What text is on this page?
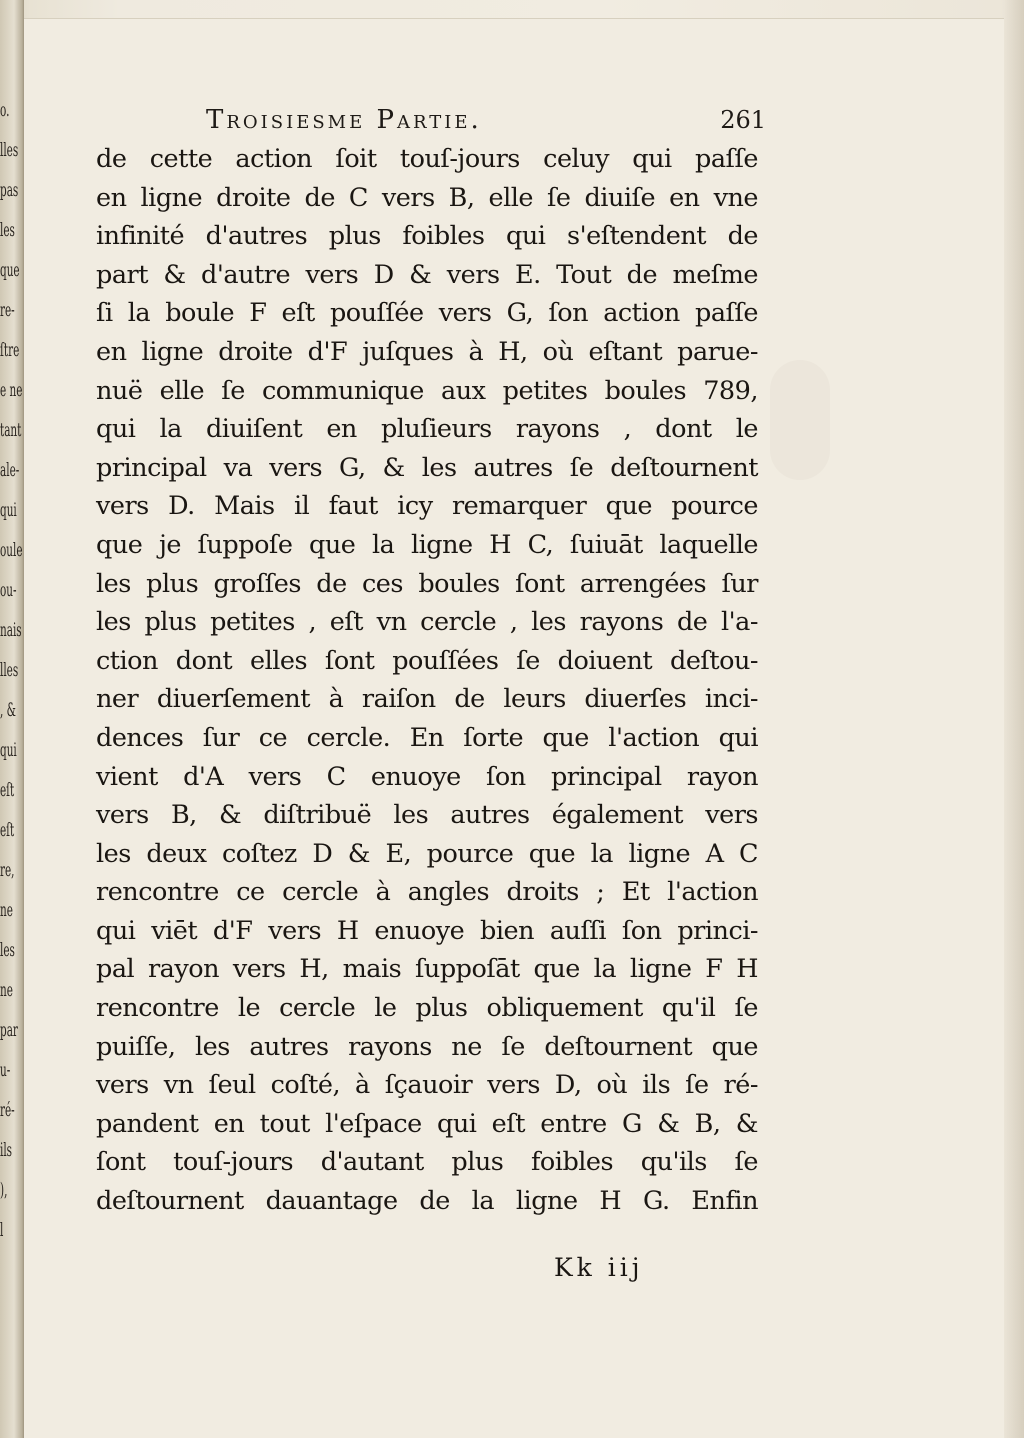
o.
lles
pas
les
que
re-
ſtre
e ne
tant
ale-
qui
oule
ou-
nais
lles
, &
qui
eſt
eſt
re,
ne
les
ne
par
u-
ré-
ils
),
l
Troisiesme Partie.	261
de cette action ſoit touſ-jours celuy qui paſſe
en ligne droite de C vers B, elle ſe diuiſe en vne
infinité d'autres plus foibles qui s'eſtendent de
part & d'autre vers D & vers E. Tout de meſme
ſi la boule F eſt pouſſée vers G, ſon action paſſe
en ligne droite d'F juſques à H, où eſtant parue-
nuë elle ſe communique aux petites boules 789,
qui la diuiſent en pluſieurs rayons , dont le
principal va vers G, & les autres ſe deſtournent
vers D. Mais il faut icy remarquer que pource
que je ſuppoſe que la ligne H C, ſuiuāt laquelle
les plus groſſes de ces boules ſont arrengées ſur
les plus petites , eſt vn cercle , les rayons de l'a-
ction dont elles ſont pouſſées ſe doiuent deſtou-
ner diuerſement à raiſon de leurs diuerſes inci-
dences ſur ce cercle. En ſorte que l'action qui
vient d'A vers C enuoye ſon principal rayon
vers B, & diſtribuë les autres également vers
les deux coſtez D & E, pource que la ligne A C
rencontre ce cercle à angles droits ; Et l'action
qui viēt d'F vers H enuoye bien auſſi ſon princi-
pal rayon vers H, mais ſuppoſāt que la ligne F H
rencontre le cercle le plus obliquement qu'il ſe
puiſſe, les autres rayons ne ſe deſtournent que
vers vn ſeul coſté, à ſçauoir vers D, où ils ſe ré-
pandent en tout l'eſpace qui eſt entre G & B, &
ſont touſ-jours d'autant plus foibles qu'ils ſe
deſtournent dauantage de la ligne H G. Enfin
Kk iij
